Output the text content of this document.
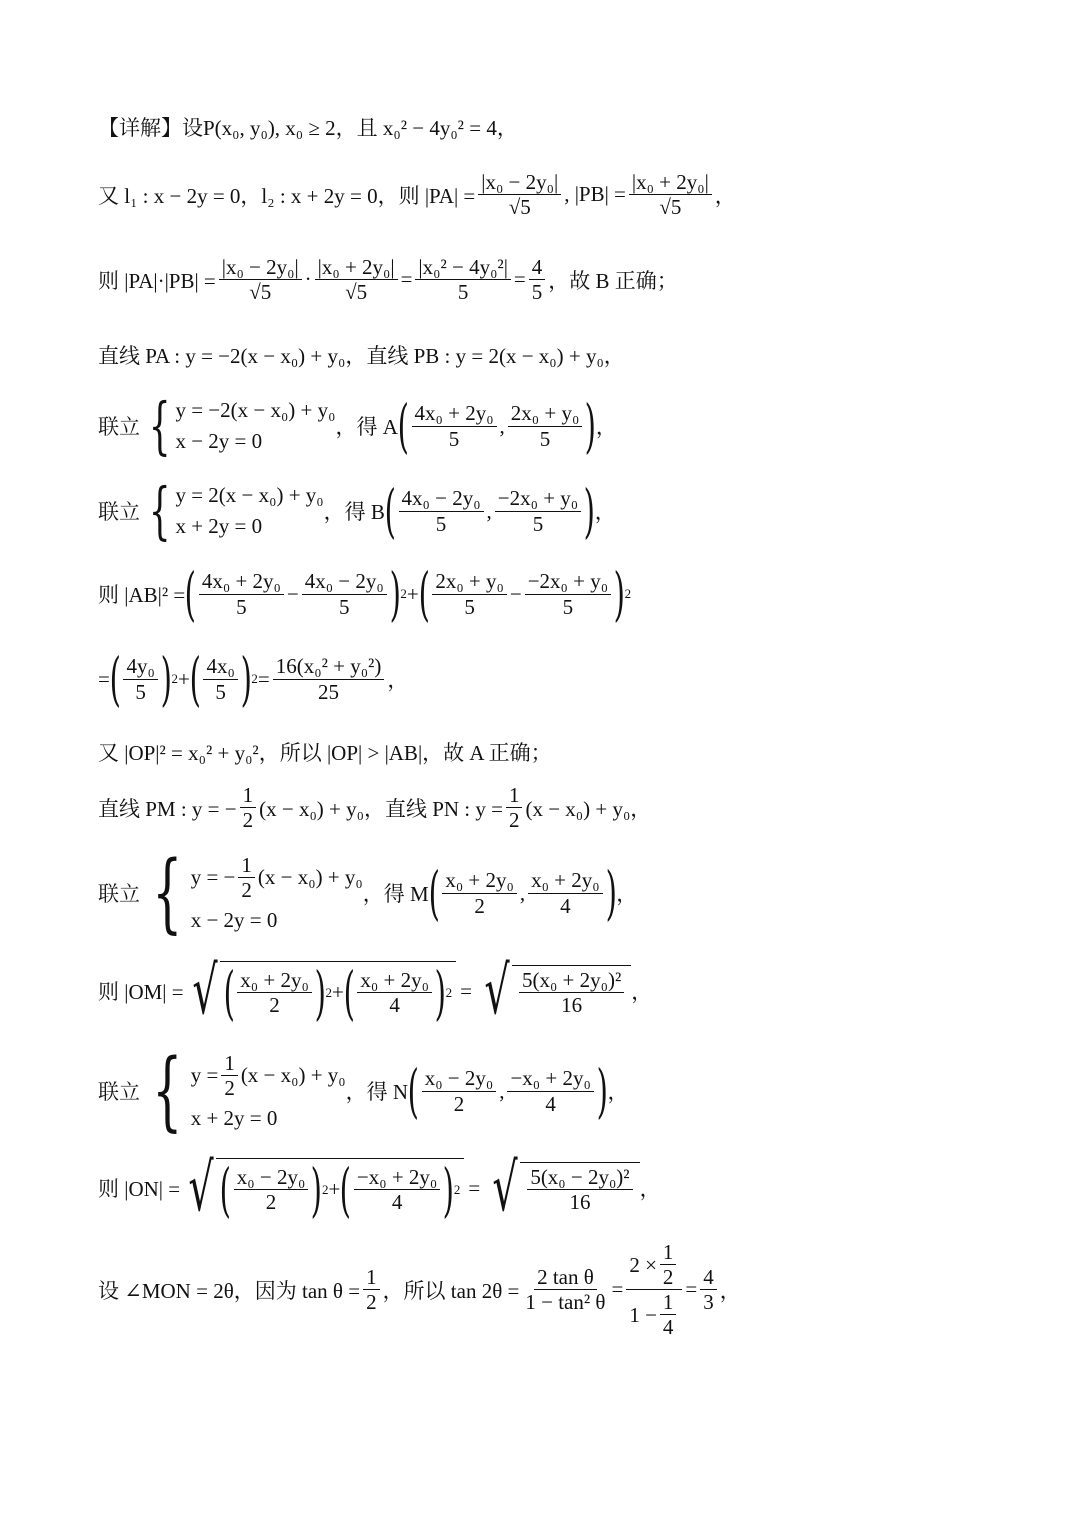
【详解】设P(x₀, y₀), x₀ ≥ 2，且 x₀² − 4y₀² = 4，
又 l₁ : x − 2y = 0，l₂ : x + 2y = 0，则 $|PA| = \frac{\text{|x₀ − 2y₀|}}{√5}$ , $|PB| = \frac{\text{|x₀ + 2y₀|}}{√5}$ ，
则 $|PA|\cdot|PB| = \frac{\text{|x₀ − 2y₀|}}{√5} \cdot \frac{\text{|x₀ + 2y₀|}}{√5} = \frac{\text{|x₀² − 4y₀²|}}{5} = \frac{4}{5}$ ，故 B 正确；
直线 PA : y = −2(x − x₀) + y₀，直线 PB : y = 2(x − x₀) + y₀，
联立 { y = −2(x − x₀) + y₀
x − 2y = 0
，得 A ( $\frac{\text{4x₀ + 2y₀}}{5}$ , $\frac{\text{2x₀ + y₀}}{5}$ ) ，
联立 { y = 2(x − x₀) + y₀
x + 2y = 0
，得 B ( $\frac{\text{4x₀ − 2y₀}}{5}$ , $\frac{\text{−2x₀ + y₀}}{5}$ ) ，
则 |AB|² = ( $\frac{\text{4x₀ + 2y₀}}{5} - \frac{\text{4x₀ − 2y₀}}{5}$ ) 2 + ( $\frac{\text{2x₀ + y₀}}{5} - \frac{\text{−2x₀ + y₀}}{5}$ ) 2
= ( $\frac{\text{4y₀}}{5}$ ) 2 + ( $\frac{\text{4x₀}}{5}$ ) $2 = \frac{\text{16(x₀² + y₀²)}}{25}$ ，
又 |OP|² = x₀² + y₀²，所以 |OP| > |AB|，故 A 正确；
直线 PM : y = − $\frac{1}{2} (x - x_0) + y_0$，直线 PN : $y = \frac{1}{2} (x - x_0) + y_0$，
联立 { y = − $\frac{1}{2} (x - x_0) + y_0$
x − 2y = 0
，得 M ( $\frac{\text{x₀ + 2y₀}}{2}$ , $\frac{\text{x₀ + 2y₀}}{4}$ ) ，
则 |OM| = √ ( $\frac{\text{x₀ + 2y₀}}{2}$ ) 2 + ( $\frac{\text{x₀ + 2y₀}}{4}$ ) 2 = √ $\frac{\text{5(x₀ + 2y₀)²}}{16}$ ，
联立 { $y = \frac{1}{2} (x - x_0) + y_0$
x + 2y = 0
，得 N ( $\frac{\text{x₀ − 2y₀}}{2}$ , $\frac{\text{−x₀ + 2y₀}}{4}$ ) ，
则 |ON| = √ ( $\frac{\text{x₀ − 2y₀}}{2}$ ) 2 + ( $\frac{\text{−x₀ + 2y₀}}{4}$ ) 2 = √ $\frac{\text{5(x₀ − 2y₀)²}}{16}$ ，
设 ∠MON = 2θ，因为 $\tan \theta = \frac{1}{2}$ ，所以 $\tan 2\theta = \frac{\text{2 tan θ}}{\text{1 − tan² θ}} = \frac{2 \times \frac{1}{2}}{1 - \frac{1}{4}} = \frac{4}{3}$ ，
